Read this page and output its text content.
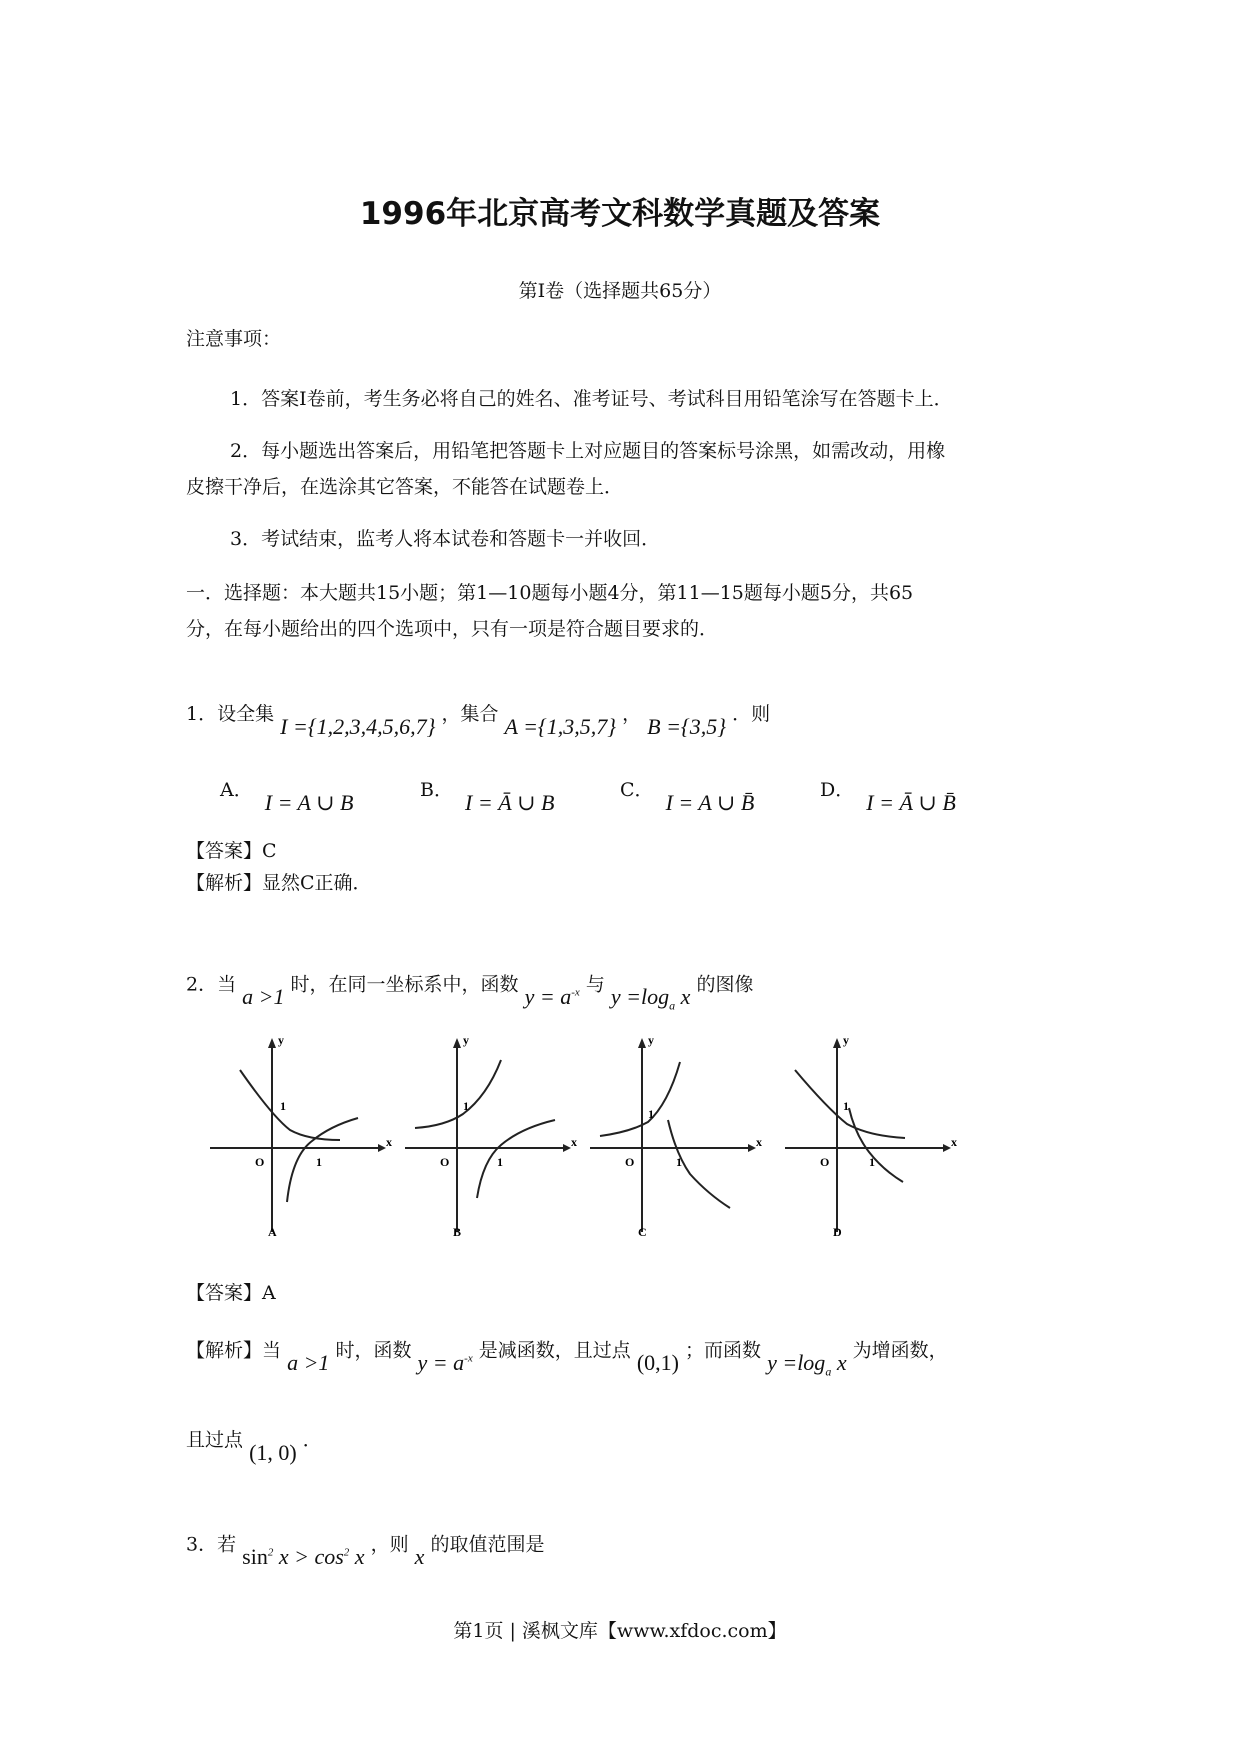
1996年北京高考文科数学真题及答案
第Ⅰ卷（选择题共65分）
注意事项：
1．答案Ⅰ卷前，考生务必将自己的姓名、准考证号、考试科目用铅笔涂写在答题卡上．
2．每小题选出答案后，用铅笔把答题卡上对应题目的答案标号涂黑，如需改动，用橡
皮擦干净后，在选涂其它答案，不能答在试题卷上．
3．考试结束，监考人将本试卷和答题卡一并收回．
一．选择题：本大题共15小题；第1—10题每小题4分，第11—15题每小题5分，共65
分，在每小题给出的四个选项中，只有一项是符合题目要求的．
1．设全集 I ={1,2,3,4,5,6,7} ，集合 A ={1,3,5,7} ， B ={3,5} ．则
A． I = A ∪ B	B． I = Ā ∪ B	C． I = A ∪ B̄	D． I = Ā ∪ B̄
【答案】C
【解析】显然C正确．
2．当 a >1 时，在同一坐标系中，函数 $y = a^{-x}$ 与 $y =\log_a$ x 的图像
y
x
O
1
1
A
y
x
O
1
1
B
y
x
O
1
1
C
y
x
O
1
1
D
【答案】A
【解析】当 a >1 时，函数 $y = a^{-x}$ 是减函数，且过点 (0,1) ；而函数 $y =\log_a$ x 为增函数，
且过点 (1, 0) ．
3．若 $\sin^2 x > \cos^2 x$ ，则 x 的取值范围是
第1页 | 溪枫文库【www.xfdoc.com】
